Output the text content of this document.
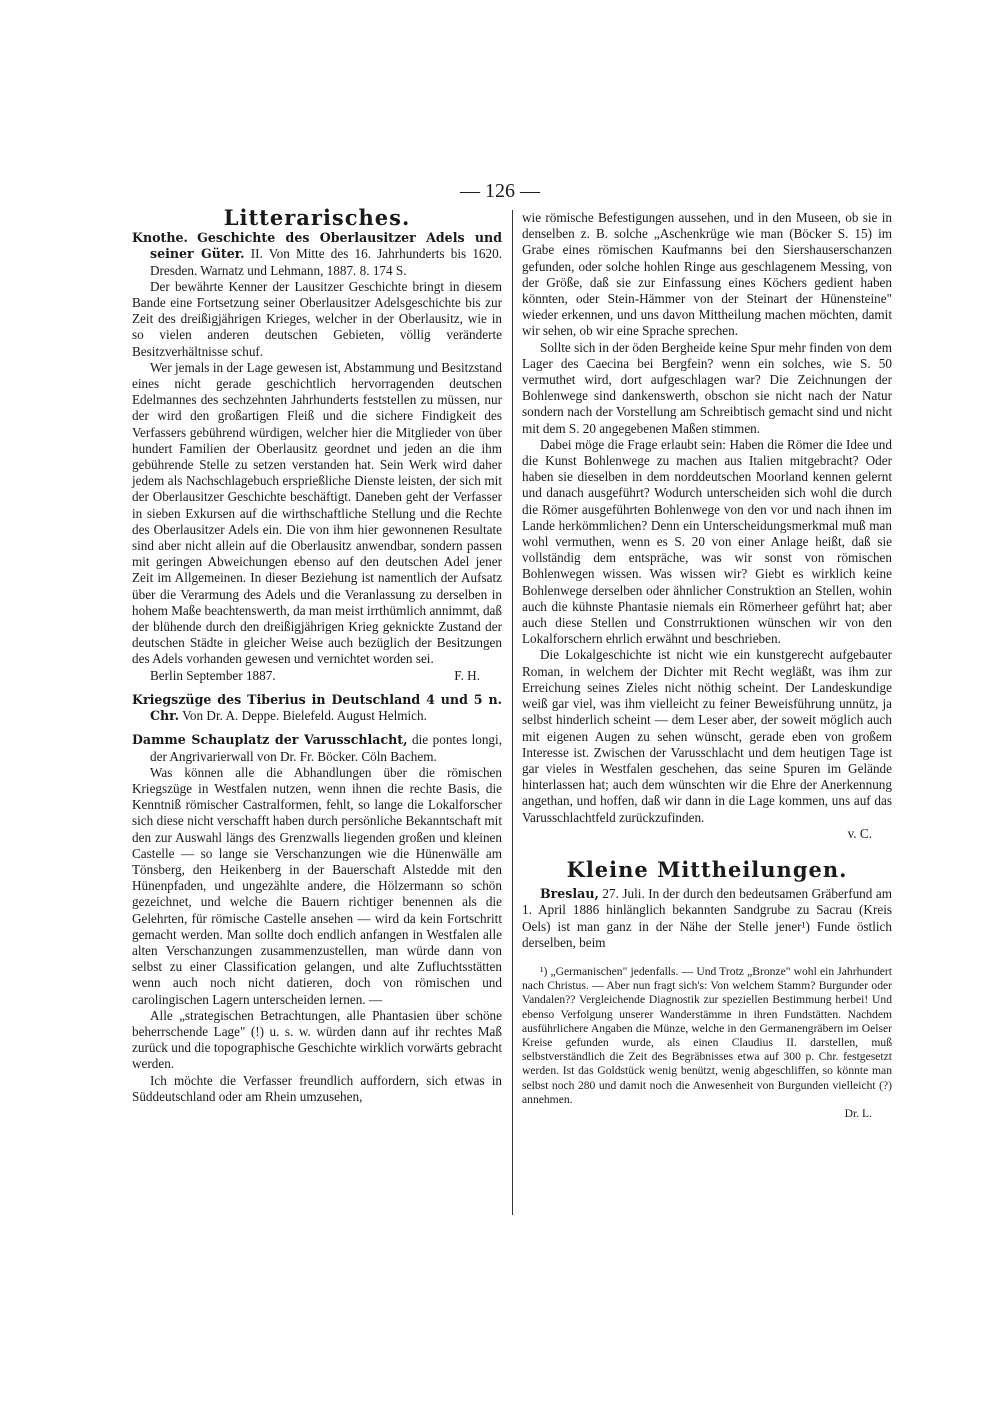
— 126 —
Litterarisches.

Knothe. Geschichte des Oberlausitzer Adels und seiner Güter. II. Von Mitte des 16. Jahrhunderts bis 1620. Dresden. Warnatz und Lehmann, 1887. 8. 174 S.

Der bewährte Kenner der Lausitzer Geschichte bringt in diesem Bande eine Fortsetzung seiner Oberlausitzer Adelsgeschichte bis zur Zeit des dreißigjährigen Krieges, welcher in der Oberlausitz, wie in so vielen anderen deutschen Gebieten, völlig veränderte Besitzverhältnisse schuf.

Wer jemals in der Lage gewesen ist, Abstammung und Besitzstand eines nicht gerade geschichtlich hervorragenden deutschen Edelmannes des sechzehnten Jahrhunderts feststellen zu müssen, nur der wird den großartigen Fleiß und die sichere Findigkeit des Verfassers gebührend würdigen, welcher hier die Mitglieder von über hundert Familien der Oberlausitz geordnet und jeden an die ihm gebührende Stelle zu setzen verstanden hat. Sein Werk wird daher jedem als Nachschlagebuch ersprießliche Dienste leisten, der sich mit der Oberlausitzer Geschichte beschäftigt. Daneben geht der Verfasser in sieben Exkursen auf die wirthschaftliche Stellung und die Rechte des Oberlausitzer Adels ein. Die von ihm hier gewonnenen Resultate sind aber nicht allein auf die Oberlausitz anwendbar, sondern passen mit geringen Abweichungen ebenso auf den deutschen Adel jener Zeit im Allgemeinen. In dieser Beziehung ist namentlich der Aufsatz über die Verarmung des Adels und die Veranlassung zu derselben in hohem Maße beachtenswerth, da man meist irrthümlich annimmt, daß der blühende durch den dreißigjährigen Krieg geknickte Zustand der deutschen Städte in gleicher Weise auch bezüglich der Besitzungen des Adels vorhanden gewesen und vernichtet worden sei.

Berlin September 1887.	F. H.

Kriegszüge des Tiberius in Deutschland 4 und 5 n. Chr. Von Dr. A. Deppe. Bielefeld. August Helmich.

Damme Schauplatz der Varusschlacht, die pontes longi, der Angrivarierwall von Dr. Fr. Böcker. Cöln Bachem.

Was können alle die Abhandlungen über die römischen Kriegszüge in Westfalen nutzen, wenn ihnen die rechte Basis, die Kenntniß römischer Castralformen, fehlt, so lange die Lokalforscher sich diese nicht verschafft haben durch persönliche Bekanntschaft mit den zur Auswahl längs des Grenzwalls liegenden großen und kleinen Castelle — so lange sie Verschanzungen wie die Hünenwälle am Tönsberg, den Heikenberg in der Bauerschaft Alstedde mit den Hünenpfaden, und ungezählte andere, die Hölzermann so schön gezeichnet, und welche die Bauern richtiger benennen als die Gelehrten, für römische Castelle ansehen — wird da kein Fortschritt gemacht werden. Man sollte doch endlich anfangen in Westfalen alle alten Verschanzungen zusammenzustellen, man würde dann von selbst zu einer Classification gelangen, und alte Zufluchtsstätten wenn auch noch nicht datieren, doch von römischen und carolingischen Lagern unterscheiden lernen. —

Alle „strategischen Betrachtungen, alle Phantasien über schöne beherrschende Lage" (!) u. s. w. würden dann auf ihr rechtes Maß zurück und die topographische Geschichte wirklich vorwärts gebracht werden.

Ich möchte die Verfasser freundlich auffordern, sich etwas in Süddeutschland oder am Rhein umzusehen,

wie römische Befestigungen aussehen, und in den Museen, ob sie in denselben z. B. solche „Aschenkrüge wie man (Böcker S. 15) im Grabe eines römischen Kaufmanns bei den Siershauserschanzen gefunden, oder solche hohlen Ringe aus geschlagenem Messing, von der Größe, daß sie zur Einfassung eines Köchers gedient haben könnten, oder Stein-Hämmer von der Steinart der Hünensteine" wieder erkennen, und uns davon Mittheilung machen möchten, damit wir sehen, ob wir eine Sprache sprechen.

Sollte sich in der öden Bergheide keine Spur mehr finden von dem Lager des Caecina bei Bergfein? wenn ein solches, wie S. 50 vermuthet wird, dort aufgeschlagen war? Die Zeichnungen der Bohlenwege sind dankenswerth, obschon sie nicht nach der Natur sondern nach der Vorstellung am Schreibtisch gemacht sind und nicht mit dem S. 20 angegebenen Maßen stimmen.

Dabei möge die Frage erlaubt sein: Haben die Römer die Idee und die Kunst Bohlenwege zu machen aus Italien mitgebracht? Oder haben sie dieselben in dem norddeutschen Moorland kennen gelernt und danach ausgeführt? Wodurch unterscheiden sich wohl die durch die Römer ausgeführten Bohlenwege von den vor und nach ihnen im Lande herkömmlichen? Denn ein Unterscheidungsmerkmal muß man wohl vermuthen, wenn es S. 20 von einer Anlage heißt, daß sie vollständig dem entspräche, was wir sonst von römischen Bohlenwegen wissen. Was wissen wir? Giebt es wirklich keine Bohlenwege derselben oder ähnlicher Construktion an Stellen, wohin auch die kühnste Phantasie niemals ein Römerheer geführt hat; aber auch diese Stellen und Constrruktionen wünschen wir von den Lokalforschern ehrlich erwähnt und beschrieben.

Die Lokalgeschichte ist nicht wie ein kunstgerecht aufgebauter Roman, in welchem der Dichter mit Recht wegläßt, was ihm zur Erreichung seines Zieles nicht nöthig scheint. Der Landeskundige weiß gar viel, was ihm vielleicht zu feiner Beweisführung unnütz, ja selbst hinderlich scheint — dem Leser aber, der soweit möglich auch mit eigenen Augen zu sehen wünscht, gerade eben von großem Interesse ist. Zwischen der Varusschlacht und dem heutigen Tage ist gar vieles in Westfalen geschehen, das seine Spuren im Gelände hinterlassen hat; auch dem wünschten wir die Ehre der Anerkennung angethan, und hoffen, daß wir dann in die Lage kommen, uns auf das Varusschlachtfeld zurückzufinden.

v. C.
Kleine Mittheilungen.

Breslau, 27. Juli. In der durch den bedeutsamen Gräberfund am 1. April 1886 hinlänglich bekannten Sandgrube zu Sacrau (Kreis Oels) ist man ganz in der Nähe der Stelle jener¹) Funde östlich derselben, beim

¹) „Germanischen" jedenfalls. — Und Trotz „Bronze" wohl ein Jahrhundert nach Christus. — Aber nun fragt sich's: Von welchem Stamm? Burgunder oder Vandalen?? Vergleichende Diagnostik zur speziellen Bestimmung herbei! Und ebenso Verfolgung unserer Wanderstämme in ihren Fundstätten. Nachdem ausführlichere Angaben die Münze, welche in den Germanengräbern im Oelser Kreise gefunden wurde, als einen Claudius II. darstellen, muß selbstverständlich die Zeit des Begräbnisses etwa auf 300 p. Chr. festgesetzt werden. Ist das Goldstück wenig benützt, wenig abgeschliffen, so könnte man selbst noch 280 und damit noch die Anwesenheit von Burgunden vielleicht (?) annehmen.

Dr. L.
